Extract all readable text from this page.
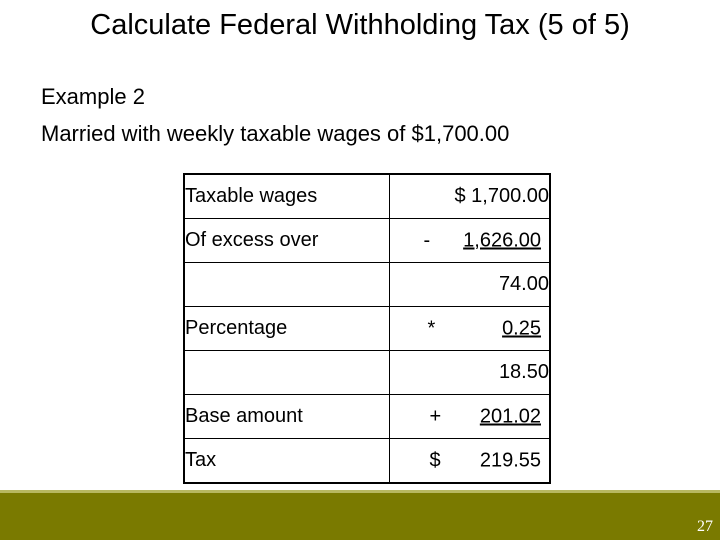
Calculate Federal Withholding Tax (5 of 5)
Example 2
Married with weekly taxable wages of $1,700.00
Taxable wages	$ 1,700.00
Of excess over	- 1,626.00

	74.00
Percentage	* 0.25

	18.50
Base amount	+ 201.02

Tax	$ 219.55
27
